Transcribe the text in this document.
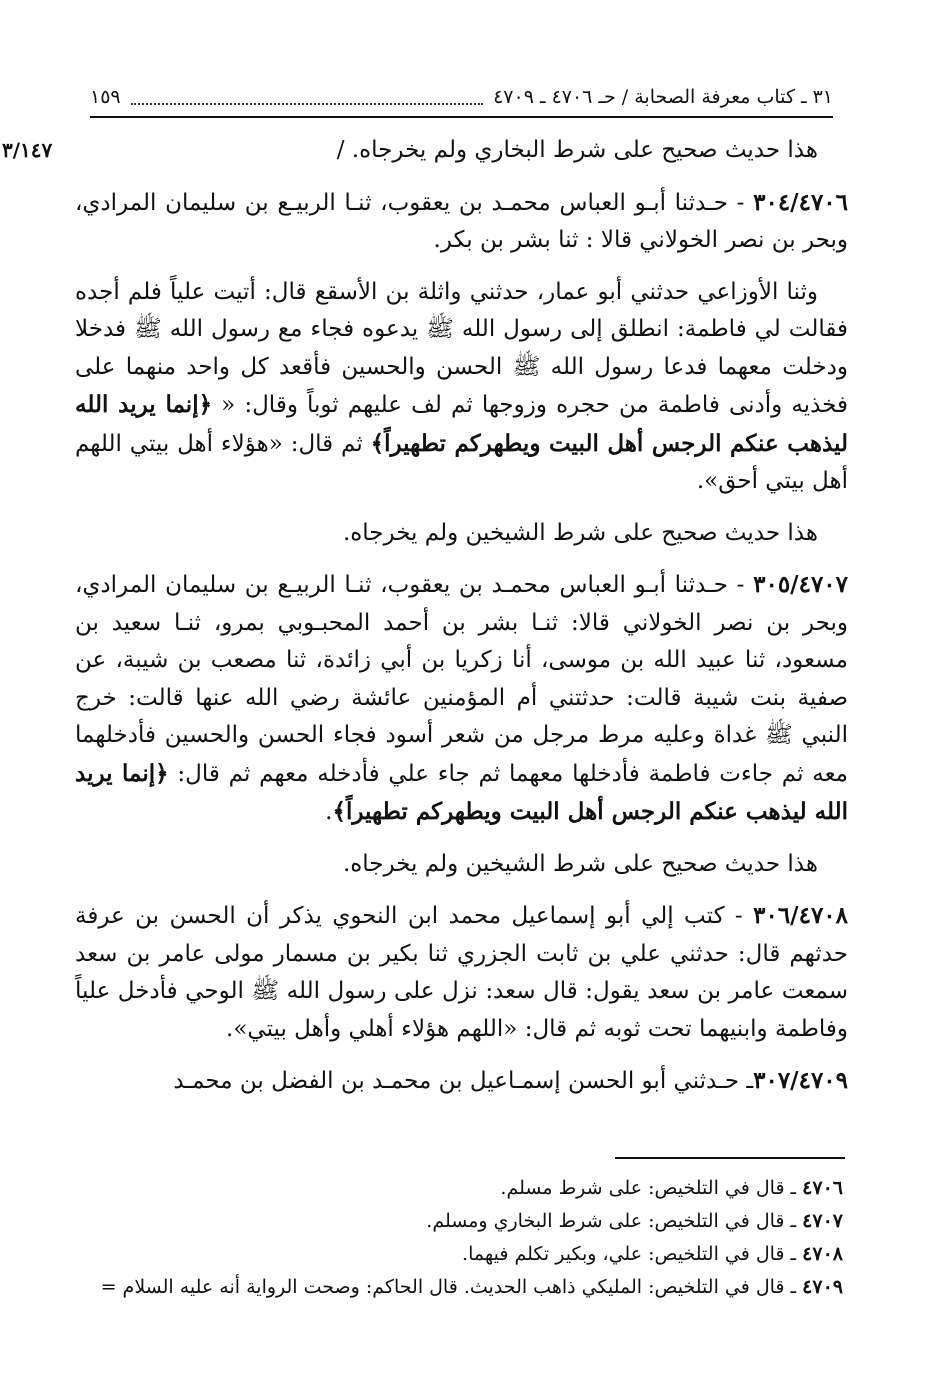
٣١ ـ كتاب معرفة الصحابة / حـ ٤٧٠٦ ـ ٤٧٠٩
١٥٩
٣/١٤٧	هذا حديث صحيح على شرط البخاري ولم يخرجاه. /

٣٠٤/٤٧٠٦ - حـدثنا أبـو العباس محمـد بن يعقوب، ثنـا الربيـع بن سليمان المرادي، وبحر بن نصر الخولاني قالا : ثنا بشر بن بكر.

وثنا الأوزاعي حدثني أبو عمار، حدثني واثلة بن الأسقع قال: أتيت علياً فلم أجده فقالت لي فاطمة: انطلق إلى رسول الله ﷺ يدعوه فجاء مع رسول الله ﷺ فدخلا ودخلت معهما فدعا رسول الله ﷺ الحسن والحسين فأقعد كل واحد منهما على فخذيه وأدنى فاطمة من حجره وزوجها ثم لف عليهم ثوباً وقال: « ﴿إنما يريد الله ليذهب عنكم الرجس أهل البيت ويطهركم تطهيراً﴾ ثم قال: «هؤلاء أهل بيتي اللهم أهل بيتي أحق».

هذا حديث صحيح على شرط الشيخين ولم يخرجاه.

٣٠٥/٤٧٠٧ - حـدثنا أبـو العباس محمـد بن يعقوب، ثنـا الربيـع بن سليمان المرادي، وبحر بن نصر الخولاني قالا: ثنـا بشر بن أحمد المحبـوبي بمرو، ثنـا سعيد بن مسعود، ثنا عبيد الله بن موسى، أنا زكريا بن أبي زائدة، ثنا مصعب بن شيبة، عن صفية بنت شيبة قالت: حدثتني أم المؤمنين عائشة رضي الله عنها قالت: خرج النبي ﷺ غداة وعليه مرط مرجل من شعر أسود فجاء الحسن والحسين فأدخلهما معه ثم جاءت فاطمة فأدخلها معهما ثم جاء علي فأدخله معهم ثم قال: ﴿إنما يريد الله ليذهب عنكم الرجس أهل البيت ويطهركم تطهيراً﴾.

هذا حديث صحيح على شرط الشيخين ولم يخرجاه.

٣٠٦/٤٧٠٨ - كتب إلي أبو إسماعيل محمد ابن النحوي يذكر أن الحسن بن عرفة حدثهم قال: حدثني علي بن ثابت الجزري ثنا بكير بن مسمار مولى عامر بن سعد سمعت عامر بن سعد يقول: قال سعد: نزل على رسول الله ﷺ الوحي فأدخل علياً وفاطمة وابنيهما تحت ثوبه ثم قال: «اللهم هؤلاء أهلي وأهل بيتي».

٣٠٧/٤٧٠٩ـ حـدثني أبو الحسن إسمـاعيل بن محمـد بن الفضل بن محمـد

٤٧٠٦ ـ قال في التلخيص: على شرط مسلم.
٤٧٠٧ ـ قال في التلخيص: على شرط البخاري ومسلم.
٤٧٠٨ ـ قال في التلخيص: علي، وبكير تكلم فيهما.
٤٧٠٩ ـ قال في التلخيص: المليكي ذاهب الحديث. قال الحاكم: وصحت الرواية أنه عليه السلام =
